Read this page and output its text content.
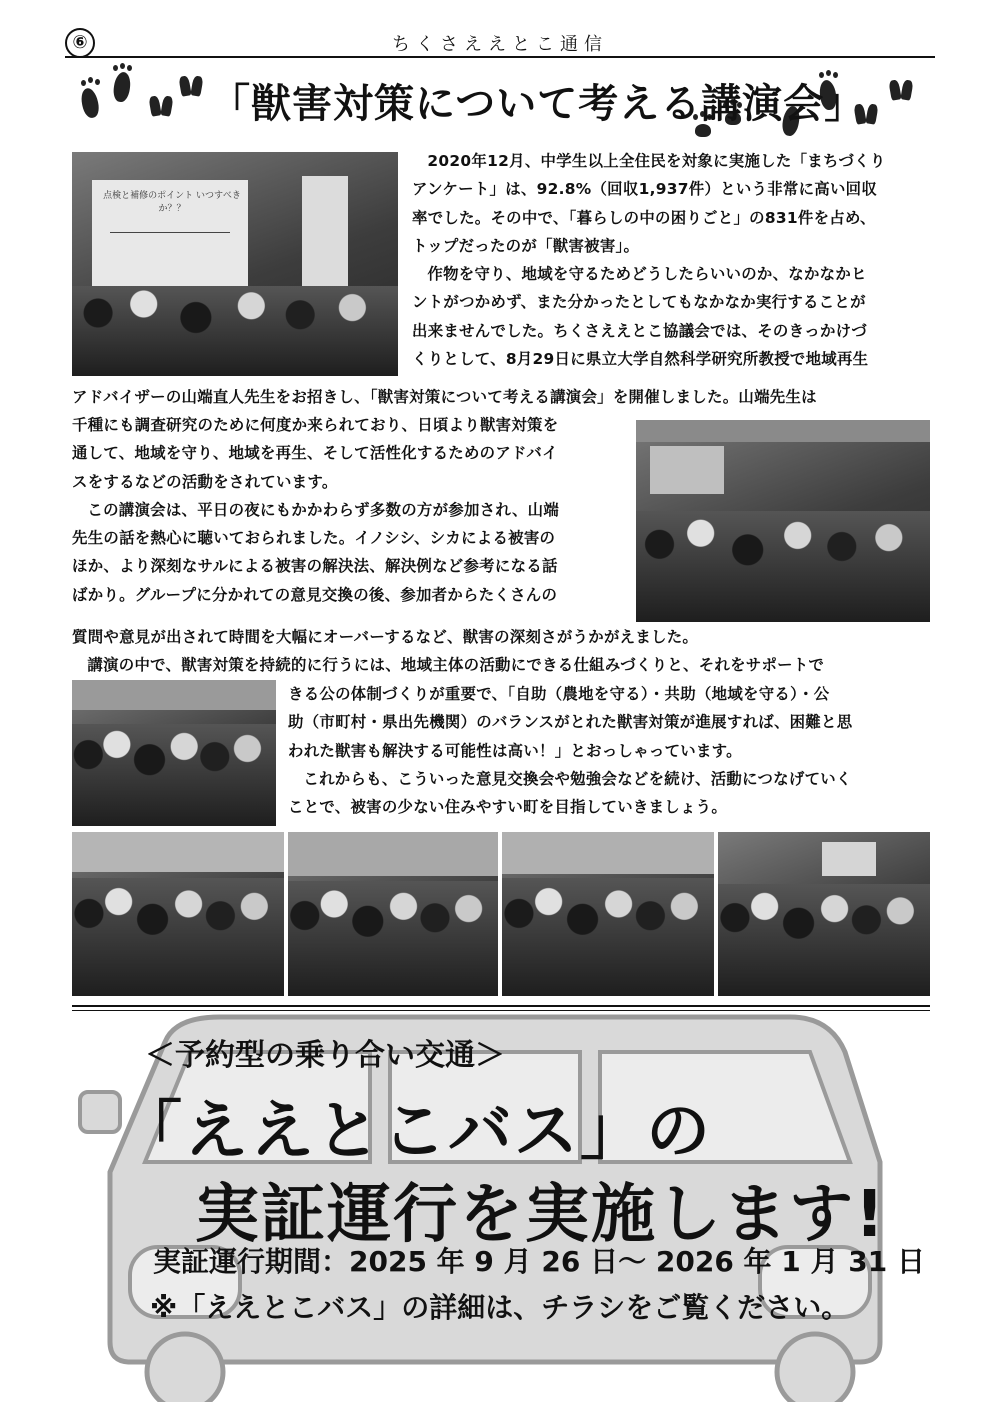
⑥	ちくさええとこ通信
「獣害対策について考える講演会」
点検と補修のポイント いつすべきか？？

2020年12月、中学生以上全住民を対象に実施した「まちづくり

アンケート」は、92.8%（回収1,937件）という非常に高い回収
率でした。その中で、「暮らしの中の困りごと」の831件を占め、
トップだったのが「獣害被害」。

作物を守り、地域を守るためどうしたらいいのか、なかなかヒ

ントがつかめず、また分かったとしてもなかなか実行することが
出来ませんでした。ちくさええとこ協議会では、そのきっかけづ
くりとして、8月29日に県立大学自然科学研究所教授で地域再生
アドバイザーの山端直人先生をお招きし、「獣害対策について考える講演会」を開催しました。山端先生は
千種にも調査研究のために何度か来られており、日頃より獣害対策を
通して、地域を守り、地域を再生、そして活性化するためのアドバイ
スをするなどの活動をされています。

この講演会は、平日の夜にもかかわらず多数の方が参加され、山端

先生の話を熱心に聴いておられました。イノシシ、シカによる被害の
ほか、より深刻なサルによる被害の解決法、解決例など参考になる話
ばかり。グループに分かれての意見交換の後、参加者からたくさんの
質問や意見が出されて時間を大幅にオーバーするなど、獣害の深刻さがうかがえました。
講演の中で、獣害対策を持続的に行うには、地域主体の活動にできる仕組みづくりと、それをサポートで
きる公の体制づくりが重要で、「自助（農地を守る）・共助（地域を守る）・公
助（市町村・県出先機関）のバランスがとれた獣害対策が進展すれば、困難と思
われた獣害も解決する可能性は高い！」とおっしゃっています。

これからも、こういった意見交換会や勉強会などを続け、活動につなげていく

ことで、被害の少ない住みやすい町を目指していきましょう。
＜予約型の乗り合い交通＞
「ええとこバス」の
実証運行を実施します!
実証運行期間：2025 年 9 月 26 日～ 2026 年 1 月 31 日
※「ええとこバス」の詳細は、チラシをご覧ください。
